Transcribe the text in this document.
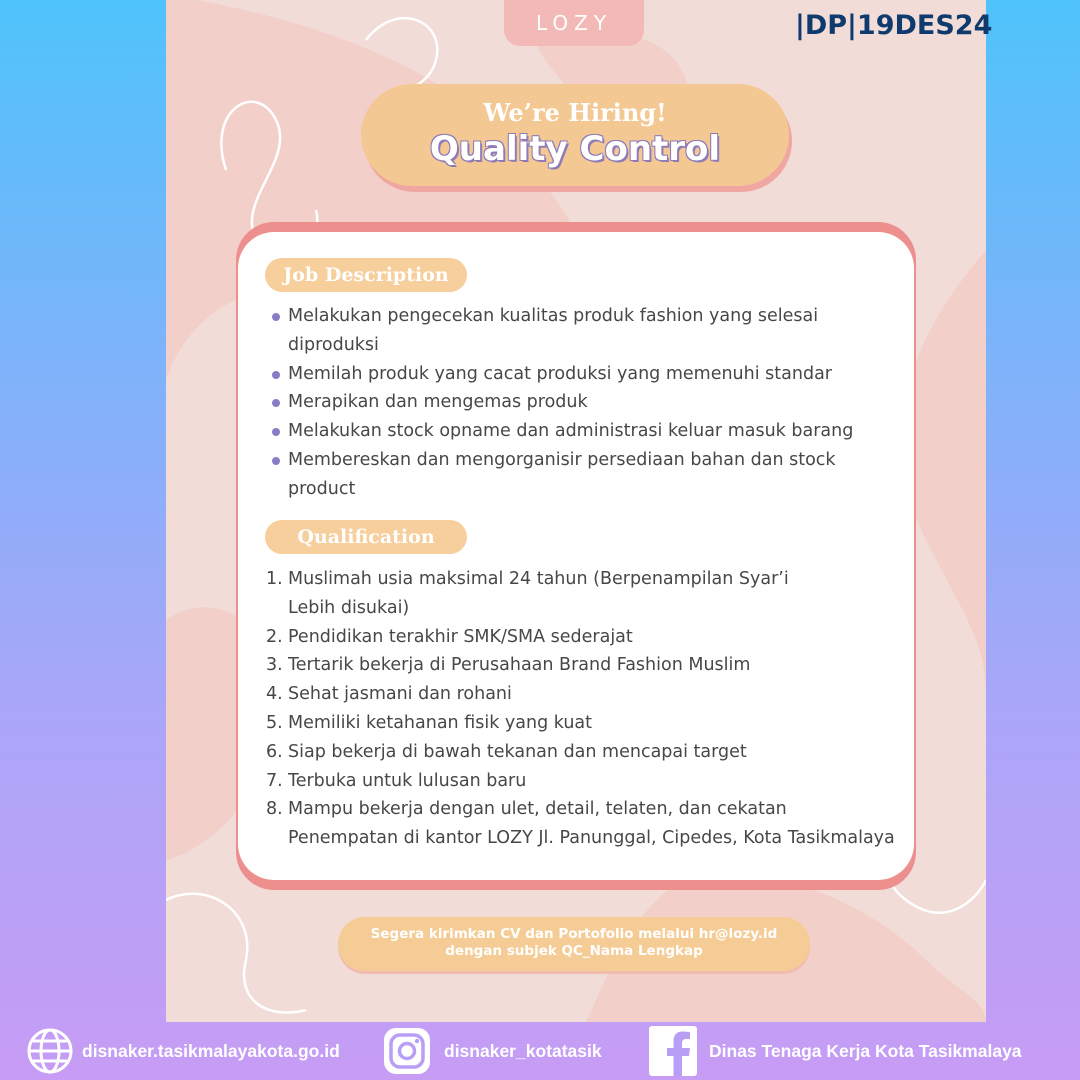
LOZY	|DP|19DES24
We’re Hiring!
Quality Control
Job Description
Melakukan pengecekan kualitas produk fashion yang selesai
diproduksi
Memilah produk yang cacat produksi yang memenuhi standar
Merapikan dan mengemas produk
Melakukan stock opname dan administrasi keluar masuk barang
Membereskan dan mengorganisir persediaan bahan dan stock
product
Qualification
1. Muslimah usia maksimal 24 tahun (Berpenampilan Syar’i
Lebih disukai)
2. Pendidikan terakhir SMK/SMA sederajat
3. Tertarik bekerja di Perusahaan Brand Fashion Muslim
4. Sehat jasmani dan rohani
5. Memiliki ketahanan fisik yang kuat
6. Siap bekerja di bawah tekanan dan mencapai target
7. Terbuka untuk lulusan baru
8. Mampu bekerja dengan ulet, detail, telaten, dan cekatan
Penempatan di kantor LOZY Jl. Panunggal, Cipedes, Kota Tasikmalaya
Segera kirimkan CV dan Portofolio melalui hr@lozy.id
dengan subjek QC_Nama Lengkap
disnaker.tasikmalayakota.go.id	disnaker_kotatasik	Dinas Tenaga Kerja Kota Tasikmalaya
